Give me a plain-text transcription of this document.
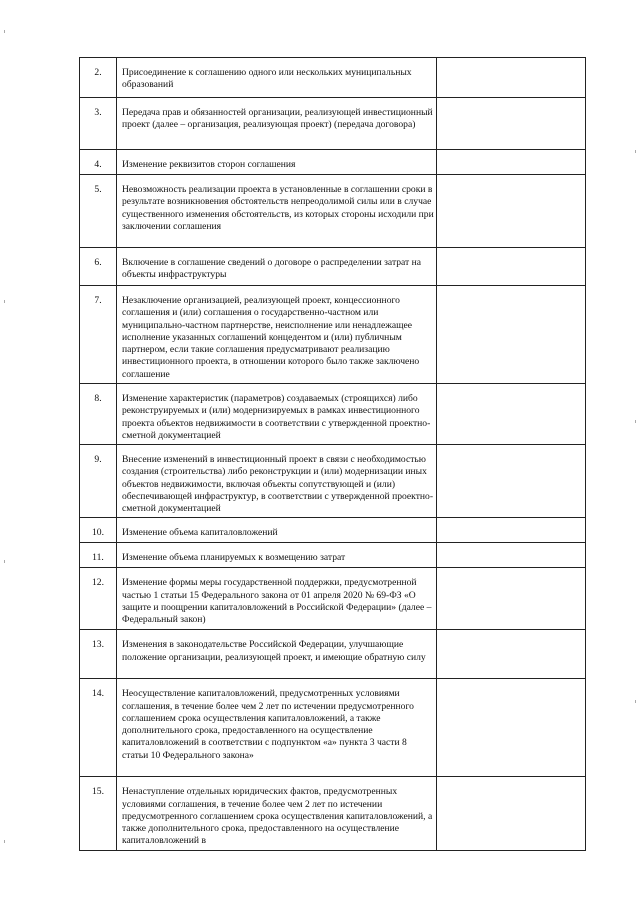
2.	Присоединение к соглашению одного или нескольких муниципальных образований	
3.	Передача прав и обязанностей организации, реализующей инвестиционный проект (далее – организация, реализующая проект) (передача договора)	
4.	Изменение реквизитов сторон соглашения	
5.	Невозможность реализации проекта в установленные в соглашении сроки в результате возникновения обстоятельств непреодолимой силы или в случае существенного изменения обстоятельств, из которых стороны исходили при заключении соглашения	
6.	Включение в соглашение сведений о договоре о распределении затрат на объекты инфраструктуры	
7.	Незаключение организацией, реализующей проект, концессионного соглашения и (или) соглашения о государственно-частном или муниципально-частном партнерстве, неисполнение или ненадлежащее исполнение указанных соглашений концедентом и (или) публичным партнером, если такие соглашения предусматривают реализацию инвестиционного проекта, в отношении которого было также заключено соглашение	
8.	Изменение характеристик (параметров) создаваемых (строящихся) либо реконструируемых и (или) модернизируемых в рамках инвестиционного проекта объектов недвижимости в соответствии с утвержденной проектно-сметной документацией	
9.	Внесение изменений в инвестиционный проект в связи с необходимостью создания (строительства) либо реконструкции и (или) модернизации иных объектов недвижимости, включая объекты сопутствующей и (или) обеспечивающей инфраструктур, в соответствии с утвержденной проектно-сметной документацией	
10.	Изменение объема капиталовложений	
11.	Изменение объема планируемых к возмещению затрат	
12.	Изменение формы меры государственной поддержки, предусмотренной частью 1 статьи 15 Федерального закона от 01 апреля 2020 № 69-ФЗ «О защите и поощрении капиталовложений в Российской Федерации» (далее – Федеральный закон)	
13.	Изменения в законодательстве Российской Федерации, улучшающие положение организации, реализующей проект, и имеющие обратную силу	
14.	Неосуществление капиталовложений, предусмотренных условиями соглашения, в течение более чем 2 лет по истечении предусмотренного соглашением срока осуществления капиталовложений, а также дополнительного срока, предоставленного на осуществление капиталовложений в соответствии с подпунктом «а» пункта 3 части 8 статьи 10 Федерального закона»	
15.	Ненаступление отдельных юридических фактов, предусмотренных условиями соглашения, в течение более чем 2 лет по истечении предусмотренного соглашением срока осуществления капиталовложений, а также дополнительного срока, предоставленного на осуществление капиталовложений в	
